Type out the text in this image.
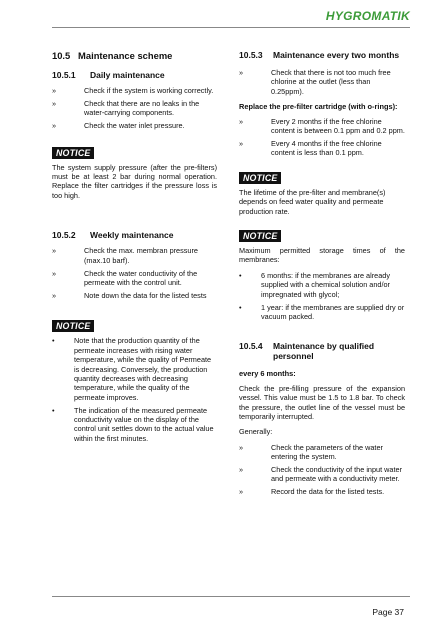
HYGROMATIK
10.5   Maintenance scheme
10.5.1 Daily maintenance
»	Check if the system is working correctly.
»	Check that there are no leaks in the water-carrying components.
»	Check the water inlet pressure.
NOTICE

The system supply pressure (after the pre-filters) must be at least 2 bar during normal operation. Replace the filter cartridges if the pressure loss is too high.

10.5.2 Weekly maintenance
»	Check the max. membran pressure (max.10 barf).
»	Check the water conductivity of the permeate with the control unit.
»	Note down the data for the listed tests
NOTICE
•	Note that the production quantity of the permeate increases with rising water temperature, while the quality of Permeate is decreasing. Conversely, the production quantity decreases with decreasing temperature, while the quality of the permeate improves.
•	The indication of the measured permeate conductivity value on the display of the control unit settles down to the actual value within the first minutes.
10.5.3	Maintenance every two months
»	Check that there is not too much free chlorine at the outlet (less than 0.25ppm).
Replace the pre-filter cartridge (with o-rings):
»	Every 2 months if the free chlorine content is between 0.1 ppm and 0.2 ppm.
»	Every 4 months if the free chlorine content is less than 0.1 ppm.
NOTICE

The lifetime of the pre-filter and membrane(s) depends on feed water quality and permeate production rate.

NOTICE

Maximum permitted storage times of the membranes:

•	6 months: if the membranes are already supplied with a chemical solution and/or impregnated with glycol;
•	1 year: if the membranes are supplied dry or vacuum packed.
10.5.4	Maintenance by qualified personnel
every 6 months:

Check the pre-filling pressure of the expansion vessel. This value must be 1.5 to 1.8 bar. To check the pressure, the outlet line of the vessel must be temporarily interrupted.

Generally:

»	Check the parameters of the water entering the system.
»	Check the conductivity of the input water and permeate with a conductivity meter.
»	Record the data for the listed tests.
Page 37
